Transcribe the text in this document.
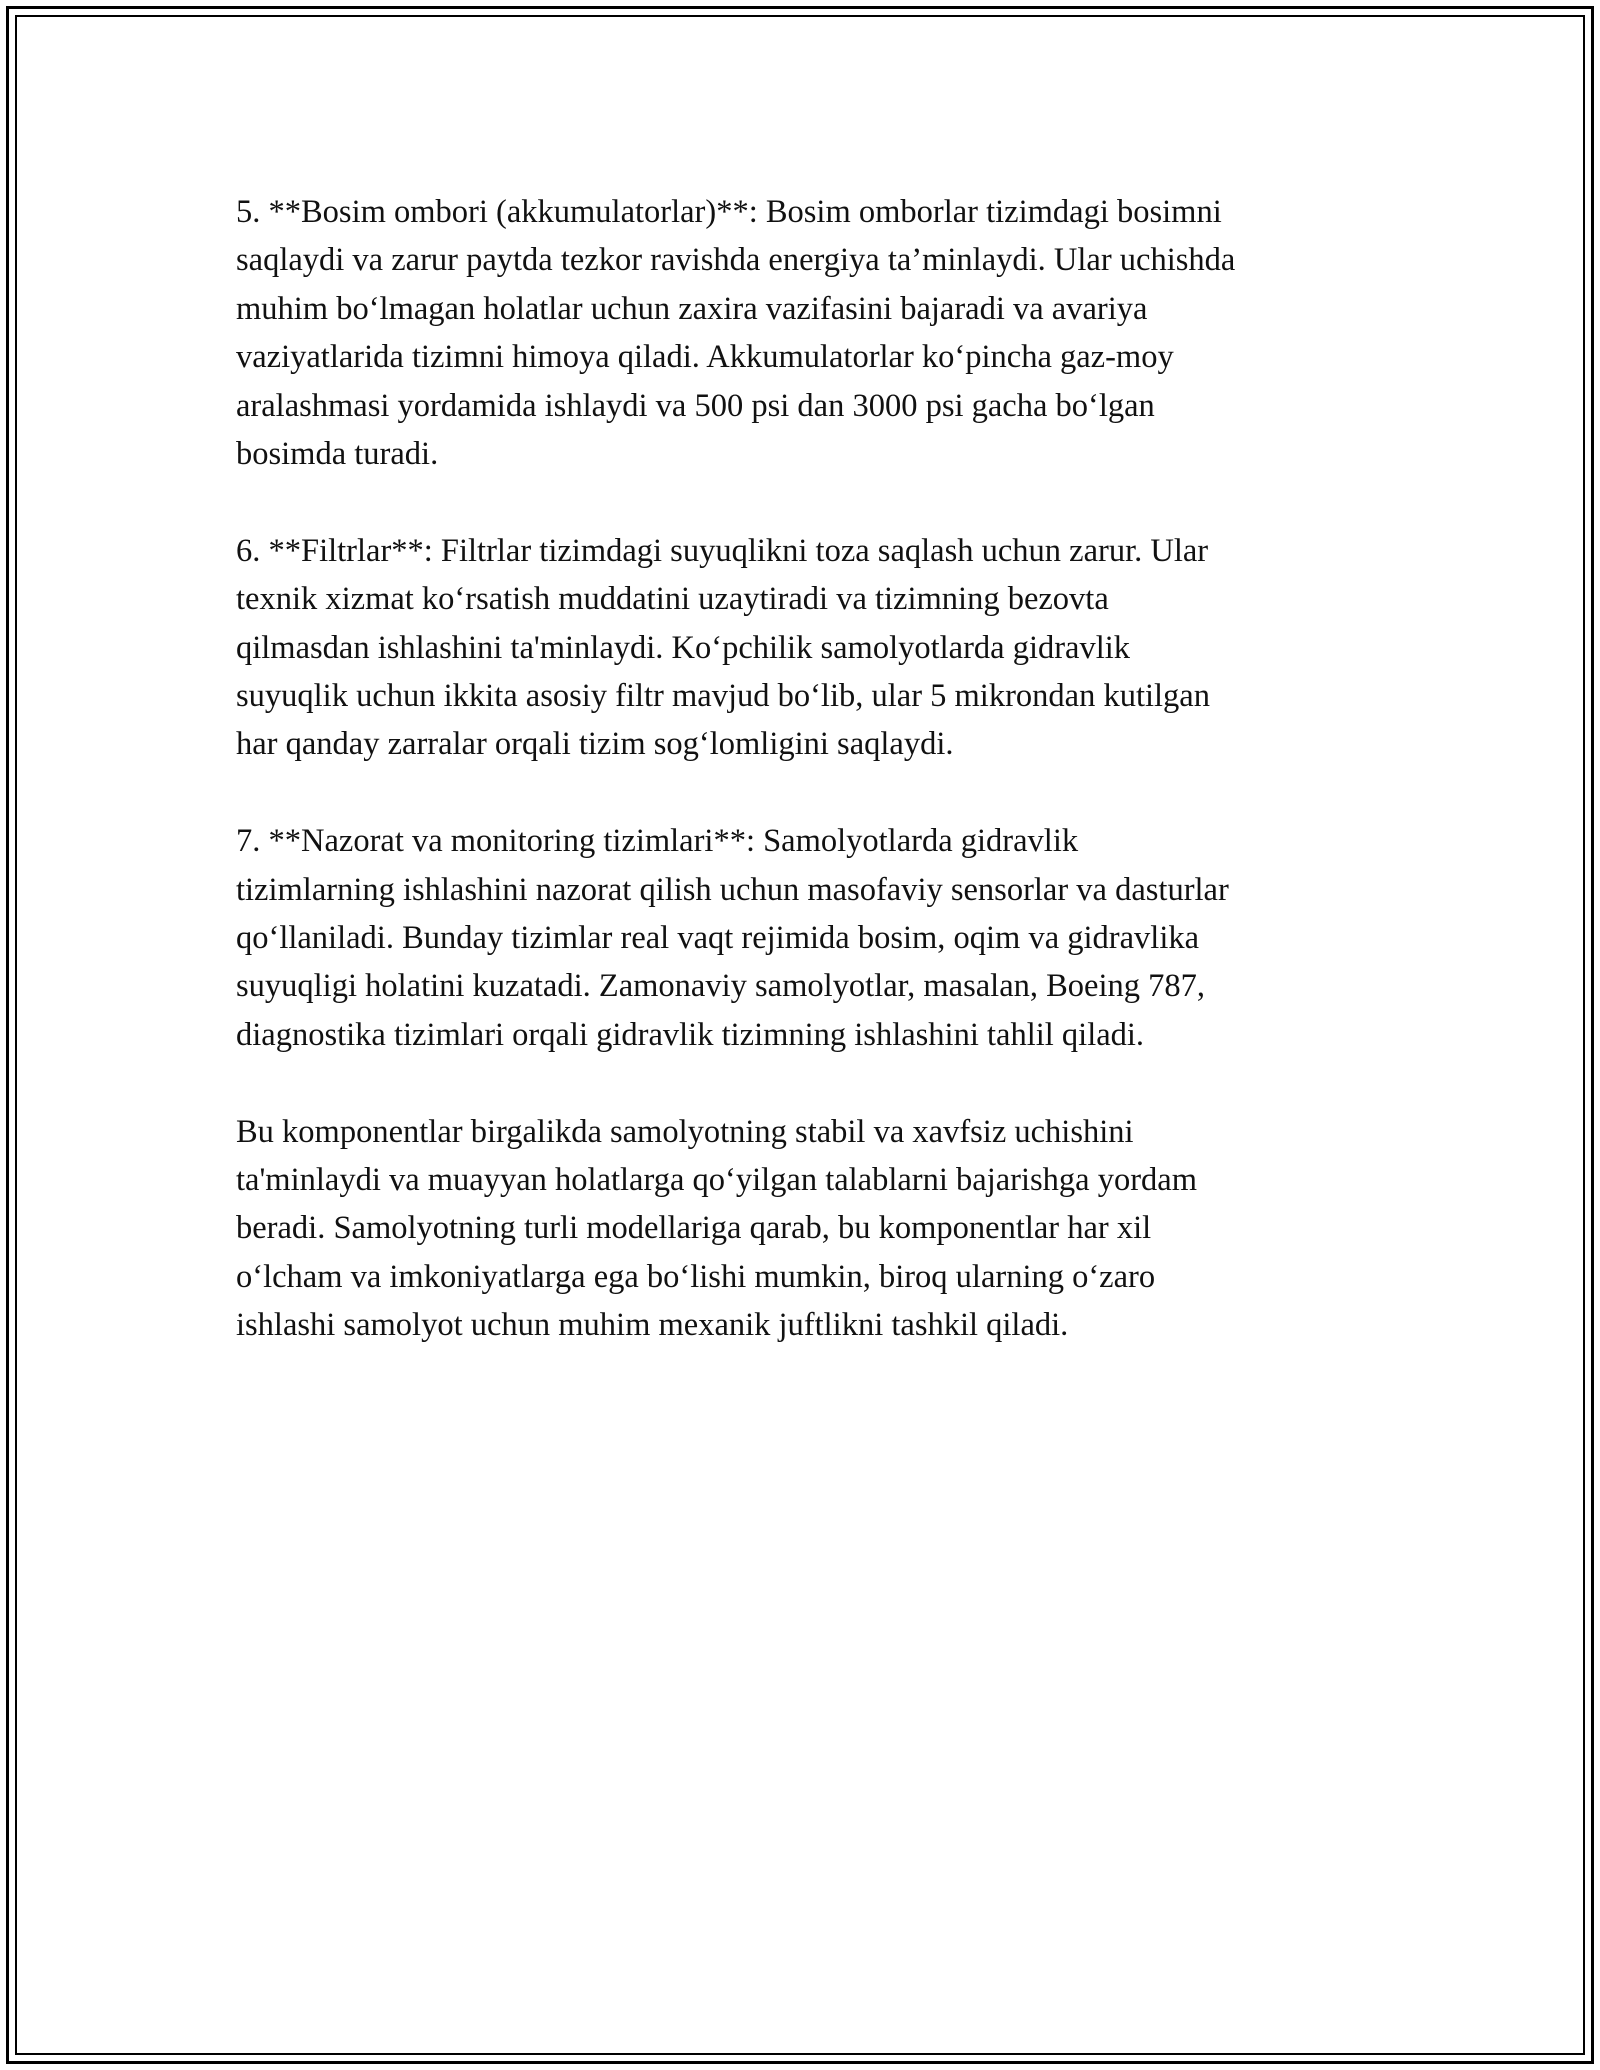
5. **Bosim ombori (akkumulatorlar)**: Bosim omborlar tizimdagi bosimni
saqlaydi va zarur paytda tezkor ravishda energiya ta’minlaydi. Ular uchishda
muhim bo‘lmagan holatlar uchun zaxira vazifasini bajaradi va avariya
vaziyatlarida tizimni himoya qiladi. Akkumulatorlar ko‘pincha gaz-moy
aralashmasi yordamida ishlaydi va 500 psi dan 3000 psi gacha bo‘lgan
bosimda turadi.

6. **Filtrlar**: Filtrlar tizimdagi suyuqlikni toza saqlash uchun zarur. Ular
texnik xizmat ko‘rsatish muddatini uzaytiradi va tizimning bezovta
qilmasdan ishlashini ta'minlaydi. Ko‘pchilik samolyotlarda gidravlik
suyuqlik uchun ikkita asosiy filtr mavjud bo‘lib, ular 5 mikrondan kutilgan
har qanday zarralar orqali tizim sog‘lomligini saqlaydi.

7. **Nazorat va monitoring tizimlari**: Samolyotlarda gidravlik
tizimlarning ishlashini nazorat qilish uchun masofaviy sensorlar va dasturlar
qo‘llaniladi. Bunday tizimlar real vaqt rejimida bosim, oqim va gidravlika
suyuqligi holatini kuzatadi. Zamonaviy samolyotlar, masalan, Boeing 787,
diagnostika tizimlari orqali gidravlik tizimning ishlashini tahlil qiladi.

Bu komponentlar birgalikda samolyotning stabil va xavfsiz uchishini
ta'minlaydi va muayyan holatlarga qo‘yilgan talablarni bajarishga yordam
beradi. Samolyotning turli modellariga qarab, bu komponentlar har xil
o‘lcham va imkoniyatlarga ega bo‘lishi mumkin, biroq ularning o‘zaro
ishlashi samolyot uchun muhim mexanik juftlikni tashkil qiladi.
